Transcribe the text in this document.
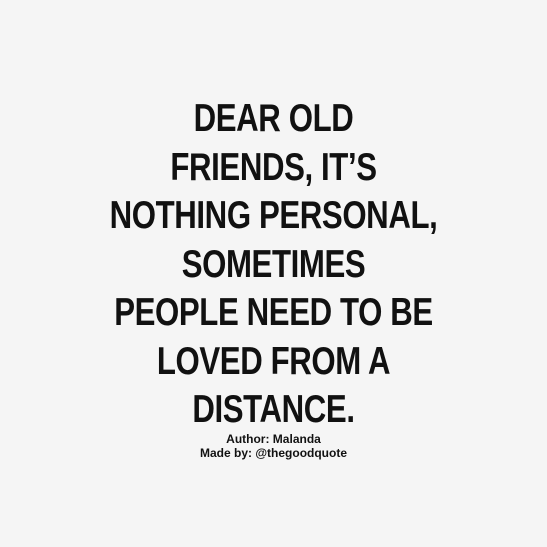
DEAR OLD
FRIENDS, IT’S
NOTHING PERSONAL,
SOMETIMES
PEOPLE NEED TO BE
LOVED FROM A
DISTANCE.
Author: Malanda
Made by: @thegoodquote
